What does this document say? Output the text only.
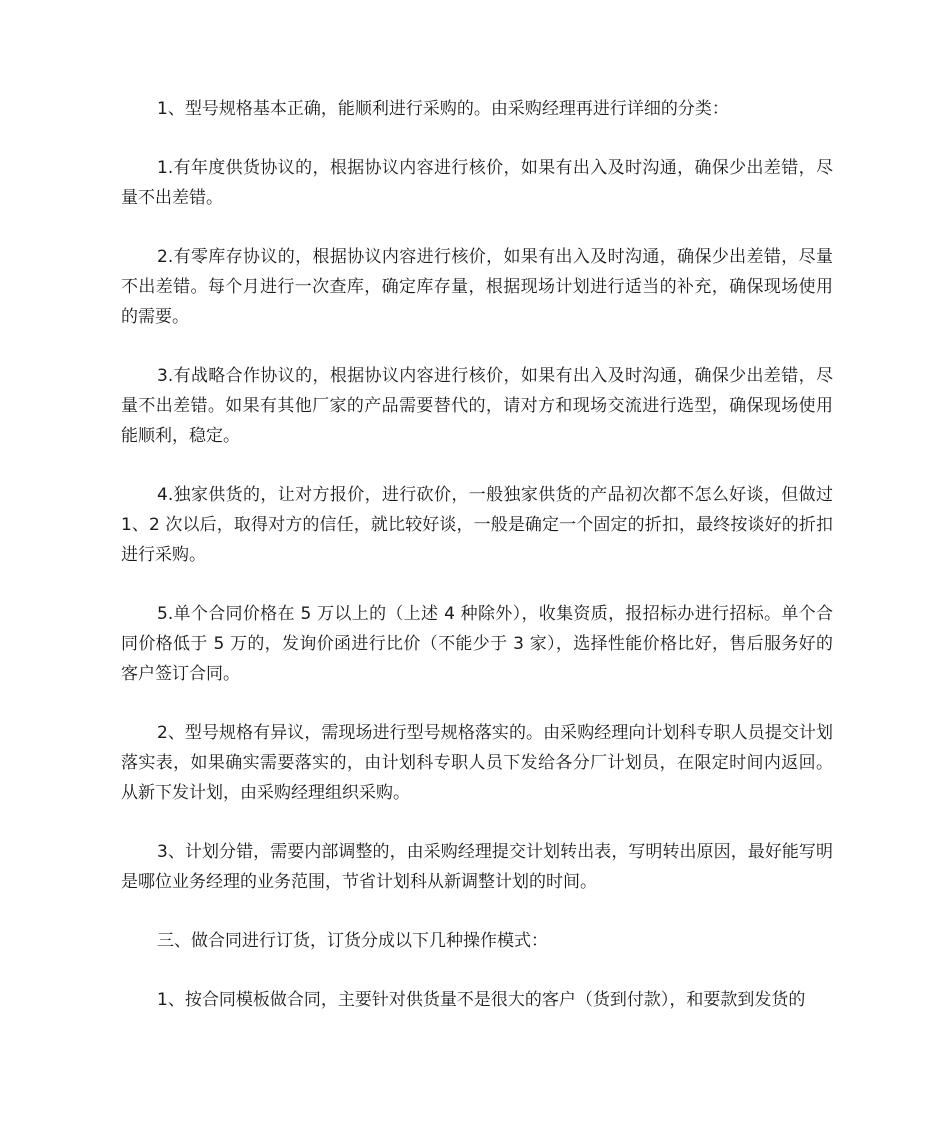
1、型号规格基本正确，能顺利进行采购的。由采购经理再进行详细的分类：

1.有年度供货协议的，根据协议内容进行核价，如果有出入及时沟通，确保少出差错，尽量不出差错。

2.有零库存协议的，根据协议内容进行核价，如果有出入及时沟通，确保少出差错，尽量不出差错。每个月进行一次查库，确定库存量，根据现场计划进行适当的补充，确保现场使用的需要。

3.有战略合作协议的，根据协议内容进行核价，如果有出入及时沟通，确保少出差错，尽量不出差错。如果有其他厂家的产品需要替代的，请对方和现场交流进行选型，确保现场使用能顺利，稳定。

4.独家供货的，让对方报价，进行砍价，一般独家供货的产品初次都不怎么好谈，但做过 1、2 次以后，取得对方的信任，就比较好谈，一般是确定一个固定的折扣，最终按谈好的折扣进行采购。

5.单个合同价格在 5 万以上的（上述 4 种除外），收集资质，报招标办进行招标。单个合同价格低于 5 万的，发询价函进行比价（不能少于 3 家），选择性能价格比好，售后服务好的客户签订合同。

2、型号规格有异议，需现场进行型号规格落实的。由采购经理向计划科专职人员提交计划落实表，如果确实需要落实的，由计划科专职人员下发给各分厂计划员，在限定时间内返回。从新下发计划，由采购经理组织采购。

3、计划分错，需要内部调整的，由采购经理提交计划转出表，写明转出原因，最好能写明是哪位业务经理的业务范围，节省计划科从新调整计划的时间。

三、做合同进行订货，订货分成以下几种操作模式：

1、按合同模板做合同，主要针对供货量不是很大的客户（货到付款），和要款到发货的
